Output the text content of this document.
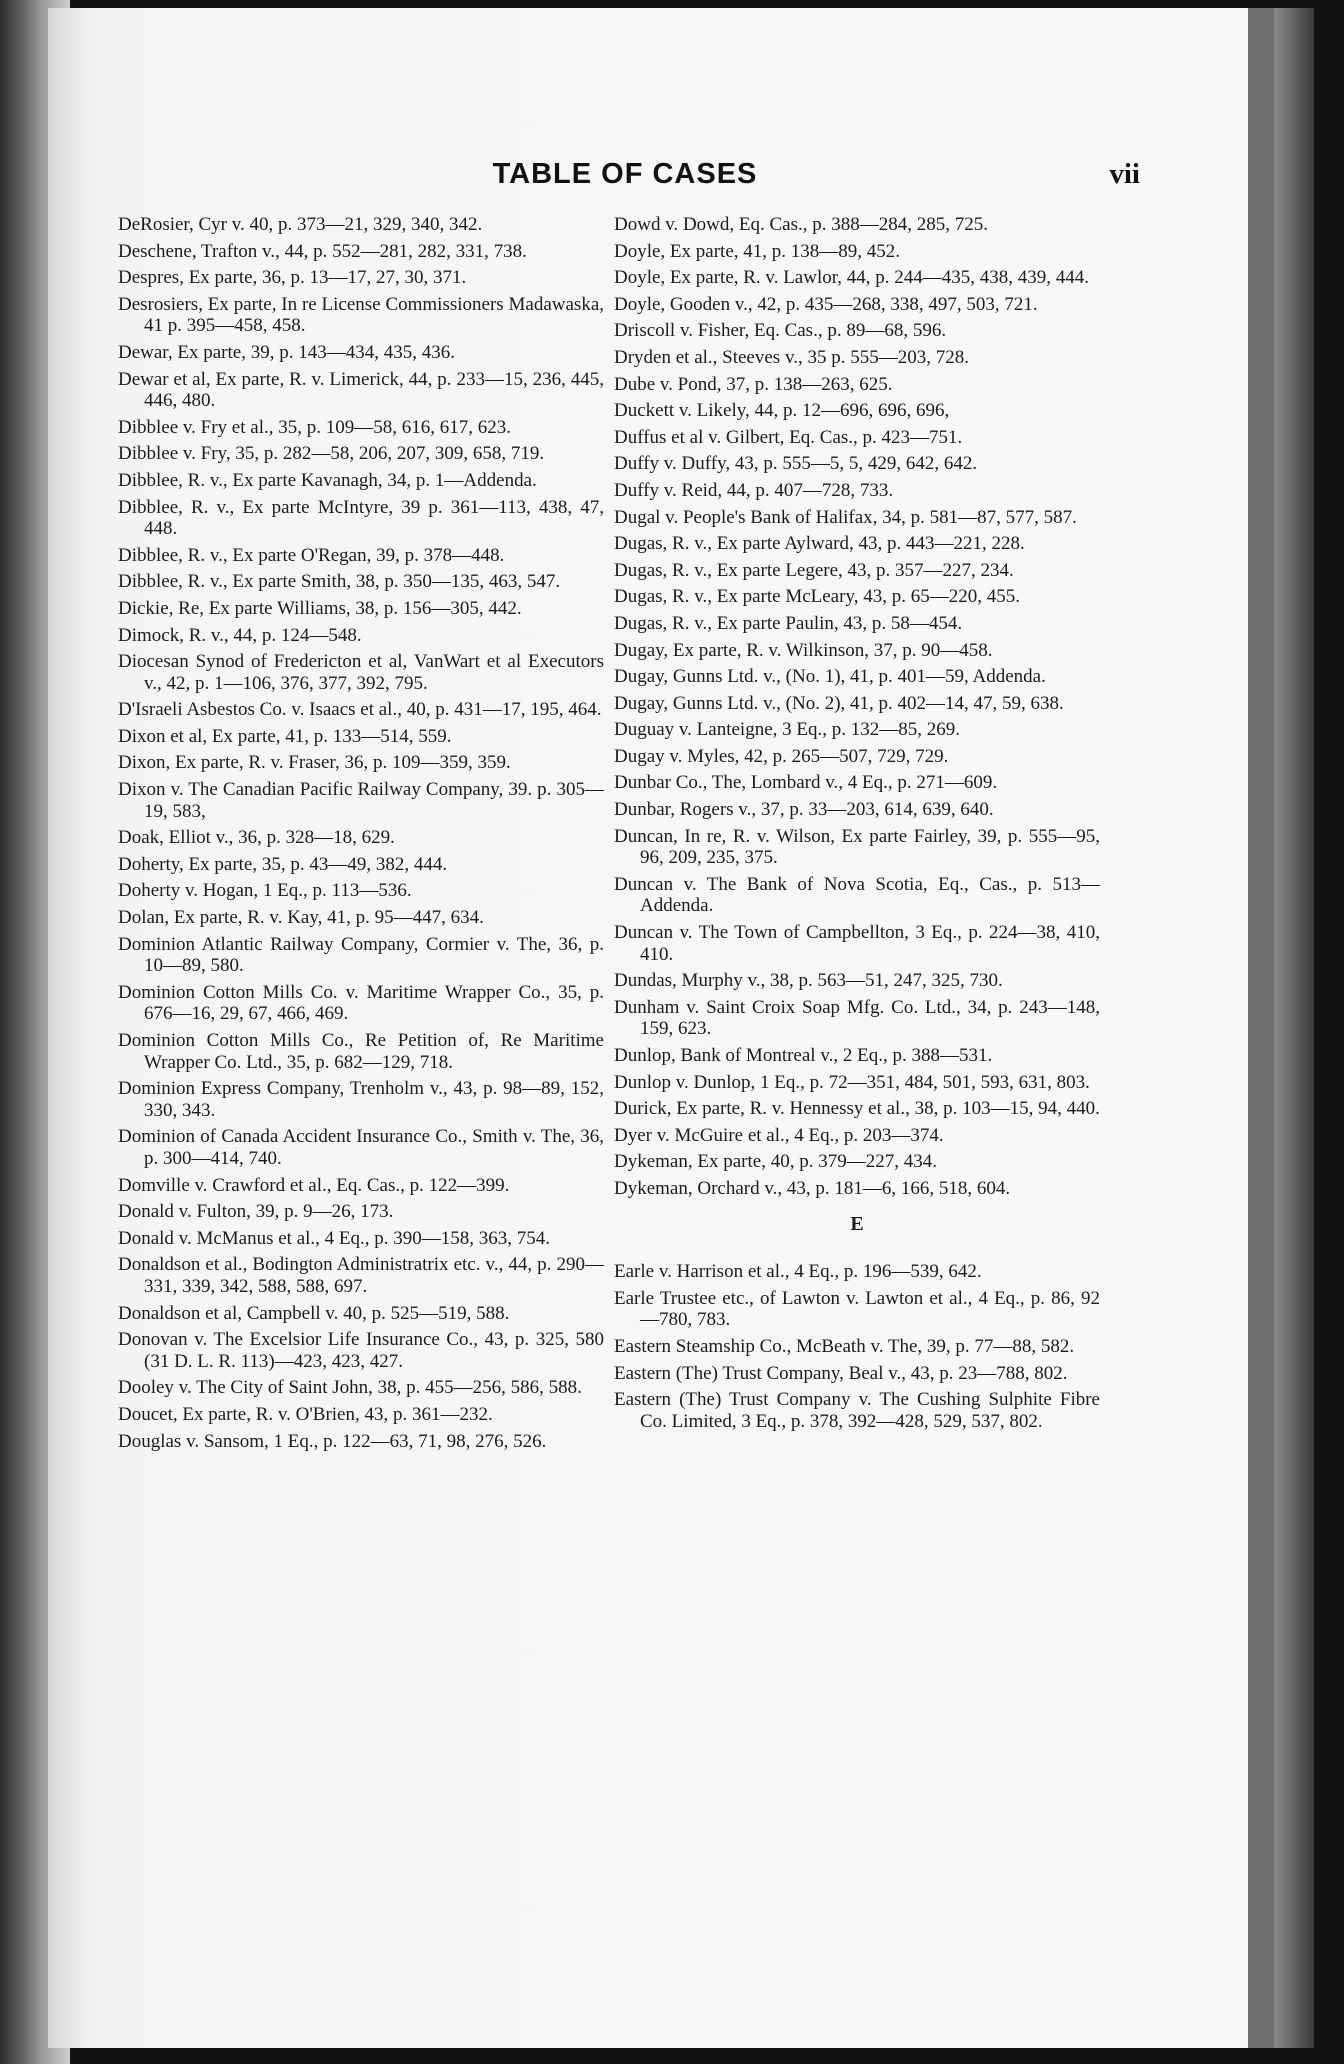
TABLE OF CASES	vii
DeRosier, Cyr v. 40, p. 373—21, 329, 340, 342.
Deschene, Trafton v., 44, p. 552—281, 282, 331, 738.
Despres, Ex parte, 36, p. 13—17, 27, 30, 371.
Desrosiers, Ex parte, In re License Commissioners Madawaska, 41 p. 395—458, 458.
Dewar, Ex parte, 39, p. 143—434, 435, 436.
Dewar et al, Ex parte, R. v. Limerick, 44, p. 233—15, 236, 445, 446, 480.
Dibblee v. Fry et al., 35, p. 109—58, 616, 617, 623.
Dibblee v. Fry, 35, p. 282—58, 206, 207, 309, 658, 719.
Dibblee, R. v., Ex parte Kavanagh, 34, p. 1—Addenda.
Dibblee, R. v., Ex parte McIntyre, 39 p. 361—113, 438, 47, 448.
Dibblee, R. v., Ex parte O'Regan, 39, p. 378—448.
Dibblee, R. v., Ex parte Smith, 38, p. 350—135, 463, 547.
Dickie, Re, Ex parte Williams, 38, p. 156—305, 442.
Dimock, R. v., 44, p. 124—548.
Diocesan Synod of Fredericton et al, VanWart et al Executors v., 42, p. 1—106, 376, 377, 392, 795.
D'Israeli Asbestos Co. v. Isaacs et al., 40, p. 431—17, 195, 464.
Dixon et al, Ex parte, 41, p. 133—514, 559.
Dixon, Ex parte, R. v. Fraser, 36, p. 109—359, 359.
Dixon v. The Canadian Pacific Railway Company, 39. p. 305—19, 583,
Doak, Elliot v., 36, p. 328—18, 629.
Doherty, Ex parte, 35, p. 43—49, 382, 444.
Doherty v. Hogan, 1 Eq., p. 113—536.
Dolan, Ex parte, R. v. Kay, 41, p. 95—447, 634.
Dominion Atlantic Railway Company, Cormier v. The, 36, p. 10—89, 580.
Dominion Cotton Mills Co. v. Maritime Wrapper Co., 35, p. 676—16, 29, 67, 466, 469.
Dominion Cotton Mills Co., Re Petition of, Re Maritime Wrapper Co. Ltd., 35, p. 682—129, 718.
Dominion Express Company, Trenholm v., 43, p. 98—89, 152, 330, 343.
Dominion of Canada Accident Insurance Co., Smith v. The, 36, p. 300—414, 740.
Domville v. Crawford et al., Eq. Cas., p. 122—399.
Donald v. Fulton, 39, p. 9—26, 173.
Donald v. McManus et al., 4 Eq., p. 390—158, 363, 754.
Donaldson et al., Bodington Administratrix etc. v., 44, p. 290—331, 339, 342, 588, 588, 697.
Donaldson et al, Campbell v. 40, p. 525—519, 588.
Donovan v. The Excelsior Life Insurance Co., 43, p. 325, 580 (31 D. L. R. 113)—423, 423, 427.
Dooley v. The City of Saint John, 38, p. 455—256, 586, 588.
Doucet, Ex parte, R. v. O'Brien, 43, p. 361—232.
Douglas v. Sansom, 1 Eq., p. 122—63, 71, 98, 276, 526.
Dowd v. Dowd, Eq. Cas., p. 388—284, 285, 725.
Doyle, Ex parte, 41, p. 138—89, 452.
Doyle, Ex parte, R. v. Lawlor, 44, p. 244—435, 438, 439, 444.
Doyle, Gooden v., 42, p. 435—268, 338, 497, 503, 721.
Driscoll v. Fisher, Eq. Cas., p. 89—68, 596.
Dryden et al., Steeves v., 35 p. 555—203, 728.
Dube v. Pond, 37, p. 138—263, 625.
Duckett v. Likely, 44, p. 12—696, 696, 696,
Duffus et al v. Gilbert, Eq. Cas., p. 423—751.
Duffy v. Duffy, 43, p. 555—5, 5, 429, 642, 642.
Duffy v. Reid, 44, p. 407—728, 733.
Dugal v. People's Bank of Halifax, 34, p. 581—87, 577, 587.
Dugas, R. v., Ex parte Aylward, 43, p. 443—221, 228.
Dugas, R. v., Ex parte Legere, 43, p. 357—227, 234.
Dugas, R. v., Ex parte McLeary, 43, p. 65—220, 455.
Dugas, R. v., Ex parte Paulin, 43, p. 58—454.
Dugay, Ex parte, R. v. Wilkinson, 37, p. 90—458.
Dugay, Gunns Ltd. v., (No. 1), 41, p. 401—59, Addenda.
Dugay, Gunns Ltd. v., (No. 2), 41, p. 402—14, 47, 59, 638.
Duguay v. Lanteigne, 3 Eq., p. 132—85, 269.
Dugay v. Myles, 42, p. 265—507, 729, 729.
Dunbar Co., The, Lombard v., 4 Eq., p. 271—609.
Dunbar, Rogers v., 37, p. 33—203, 614, 639, 640.
Duncan, In re, R. v. Wilson, Ex parte Fairley, 39, p. 555—95, 96, 209, 235, 375.
Duncan v. The Bank of Nova Scotia, Eq., Cas., p. 513—Addenda.
Duncan v. The Town of Campbellton, 3 Eq., p. 224—38, 410, 410.
Dundas, Murphy v., 38, p. 563—51, 247, 325, 730.
Dunham v. Saint Croix Soap Mfg. Co. Ltd., 34, p. 243—148, 159, 623.
Dunlop, Bank of Montreal v., 2 Eq., p. 388—531.
Dunlop v. Dunlop, 1 Eq., p. 72—351, 484, 501, 593, 631, 803.
Durick, Ex parte, R. v. Hennessy et al., 38, p. 103—15, 94, 440.
Dyer v. McGuire et al., 4 Eq., p. 203—374.
Dykeman, Ex parte, 40, p. 379—227, 434.
Dykeman, Orchard v., 43, p. 181—6, 166, 518, 604.
E
Earle v. Harrison et al., 4 Eq., p. 196—539, 642.
Earle Trustee etc., of Lawton v. Lawton et al., 4 Eq., p. 86, 92—780, 783.
Eastern Steamship Co., McBeath v. The, 39, p. 77—88, 582.
Eastern (The) Trust Company, Beal v., 43, p. 23—788, 802.
Eastern (The) Trust Company v. The Cushing Sulphite Fibre Co. Limited, 3 Eq., p. 378, 392—428, 529, 537, 802.
